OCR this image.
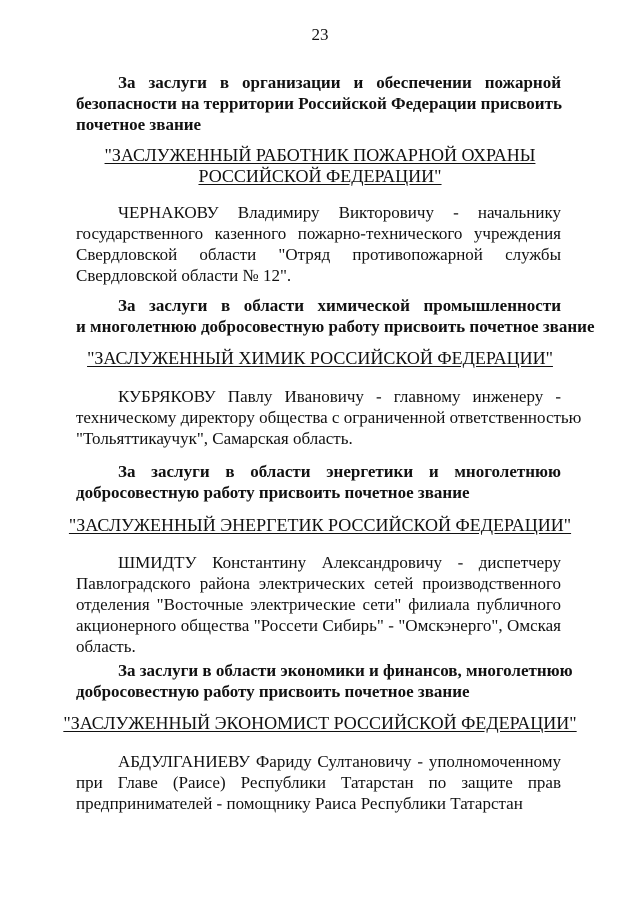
23
За заслуги в организации и обеспечении пожарной
безопасности на территории Российской Федерации присвоить
почетное звание
"ЗАСЛУЖЕННЫЙ РАБОТНИК ПОЖАРНОЙ ОХРАНЫ
РОССИЙСКОЙ ФЕДЕРАЦИИ"
ЧЕРНАКОВУ Владимиру Викторовичу - начальнику
государственного казенного пожарно-технического учреждения
Свердловской области "Отряд противопожарной службы
Свердловской области № 12".
За заслуги в области химической промышленности
и многолетнюю добросовестную работу присвоить почетное звание
"ЗАСЛУЖЕННЫЙ ХИМИК РОССИЙСКОЙ ФЕДЕРАЦИИ"
КУБРЯКОВУ Павлу Ивановичу - главному инженеру -
техническому директору общества с ограниченной ответственностью
"Тольяттикаучук", Самарская область.
За заслуги в области энергетики и многолетнюю
добросовестную работу присвоить почетное звание
"ЗАСЛУЖЕННЫЙ ЭНЕРГЕТИК РОССИЙСКОЙ ФЕДЕРАЦИИ"
ШМИДТУ Константину Александровичу - диспетчеру
Павлоградского района электрических сетей производственного
отделения "Восточные электрические сети" филиала публичного
акционерного общества "Россети Сибирь" - "Омскэнерго", Омская
область.
За заслуги в области экономики и финансов, многолетнюю
добросовестную работу присвоить почетное звание
"ЗАСЛУЖЕННЫЙ ЭКОНОМИСТ РОССИЙСКОЙ ФЕДЕРАЦИИ"
АБДУЛГАНИЕВУ Фариду Султановичу - уполномоченному
при Главе (Раисе) Республики Татарстан по защите прав
предпринимателей - помощнику Раиса Республики Татарстан
